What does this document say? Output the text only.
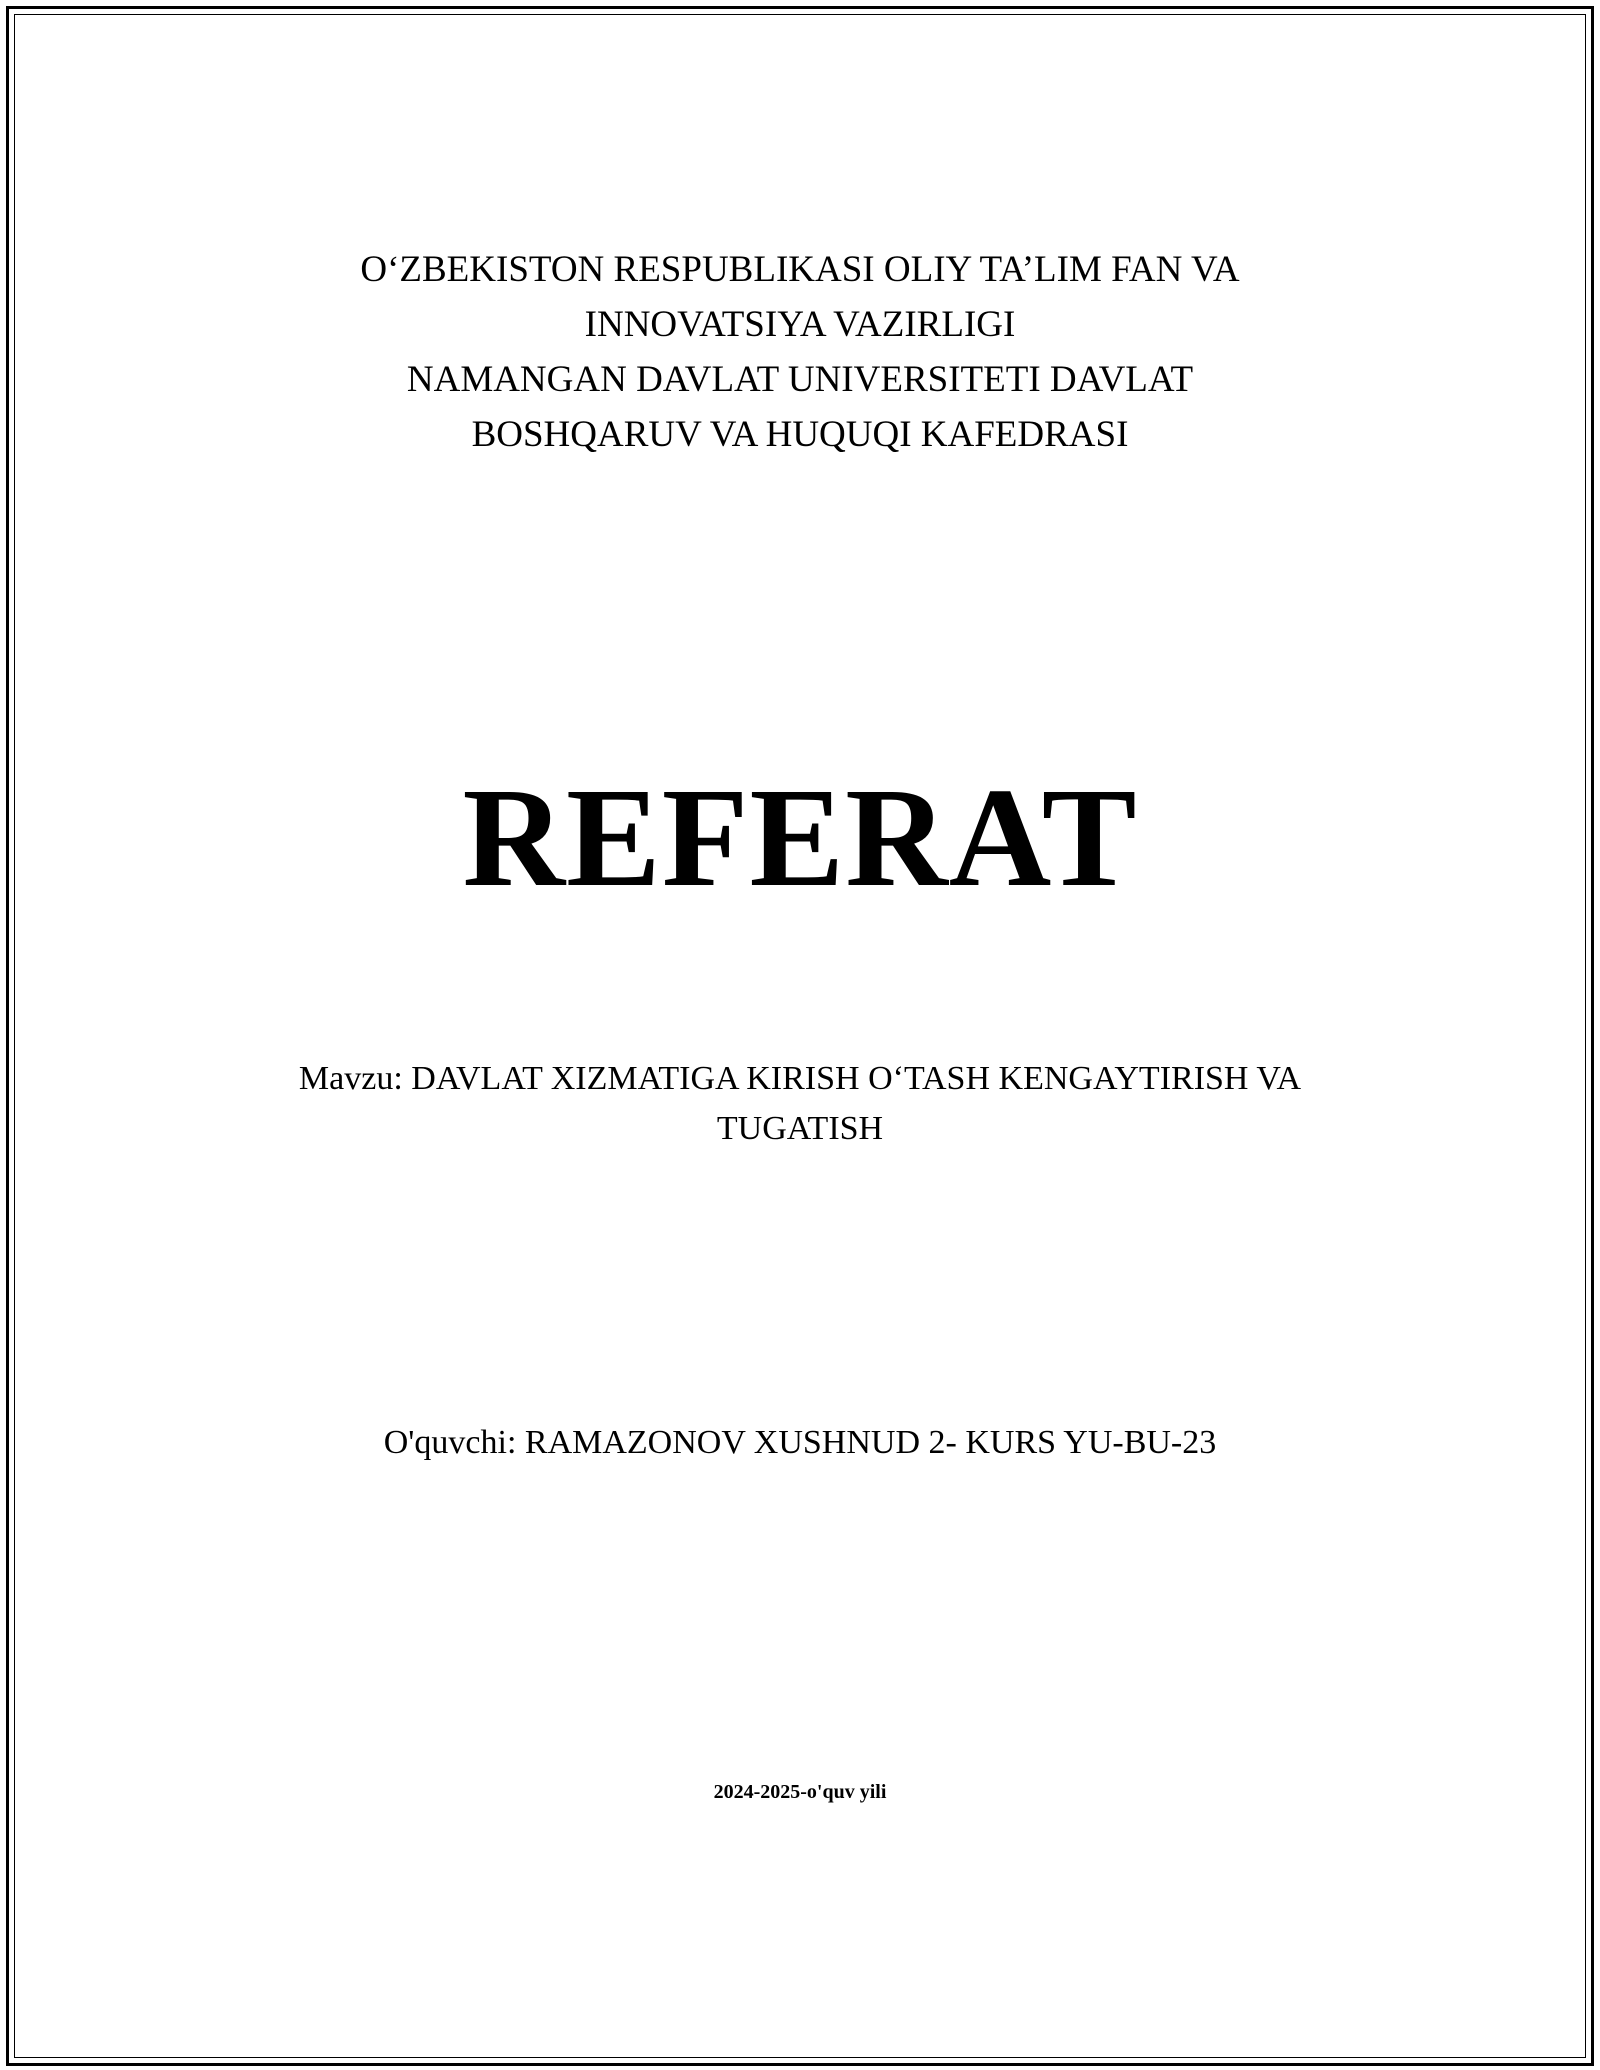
O‘ZBEKISTON RESPUBLIKASI OLIY TA’LIM FAN VA
INNOVATSIYA VAZIRLIGI
NAMANGAN DAVLAT UNIVERSITETI DAVLAT
BOSHQARUV VA HUQUQI KAFEDRASI
REFERAT
Mavzu: DAVLAT XIZMATIGA KIRISH O‘TASH KENGAYTIRISH VA
TUGATISH
O'quvchi: RAMAZONOV XUSHNUD 2- KURS YU-BU-23
2024-2025-o'quv yili
